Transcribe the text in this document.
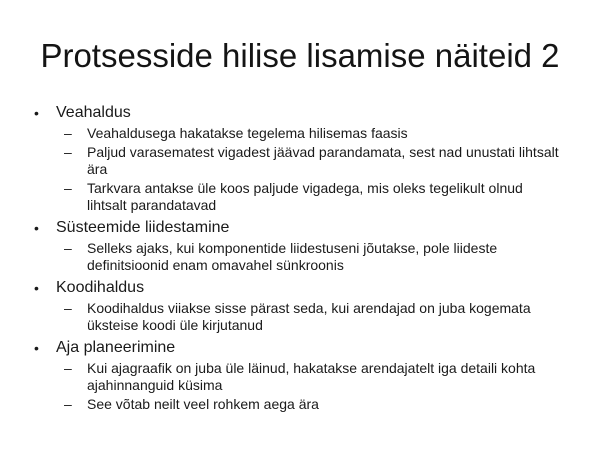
Protsesside hilise lisamise näiteid 2
• Veahaldus
– Veahaldusega hakatakse tegelema hilisemas faasis
– Paljud varasematest vigadest jäävad parandamata, sest nad unustati lihtsalt ära
– Tarkvara antakse üle koos paljude vigadega, mis oleks tegelikult olnud lihtsalt parandatavad
• Süsteemide liidestamine
– Selleks ajaks, kui komponentide liidestuseni jõutakse, pole liideste definitsioonid enam omavahel sünkroonis
• Koodihaldus
– Koodihaldus viiakse sisse pärast seda, kui arendajad on juba kogemata üksteise koodi üle kirjutanud
• Aja planeerimine
– Kui ajagraafik on juba üle läinud, hakatakse arendajatelt iga detaili kohta ajahinnanguid küsima
– See võtab neilt veel rohkem aega ära
